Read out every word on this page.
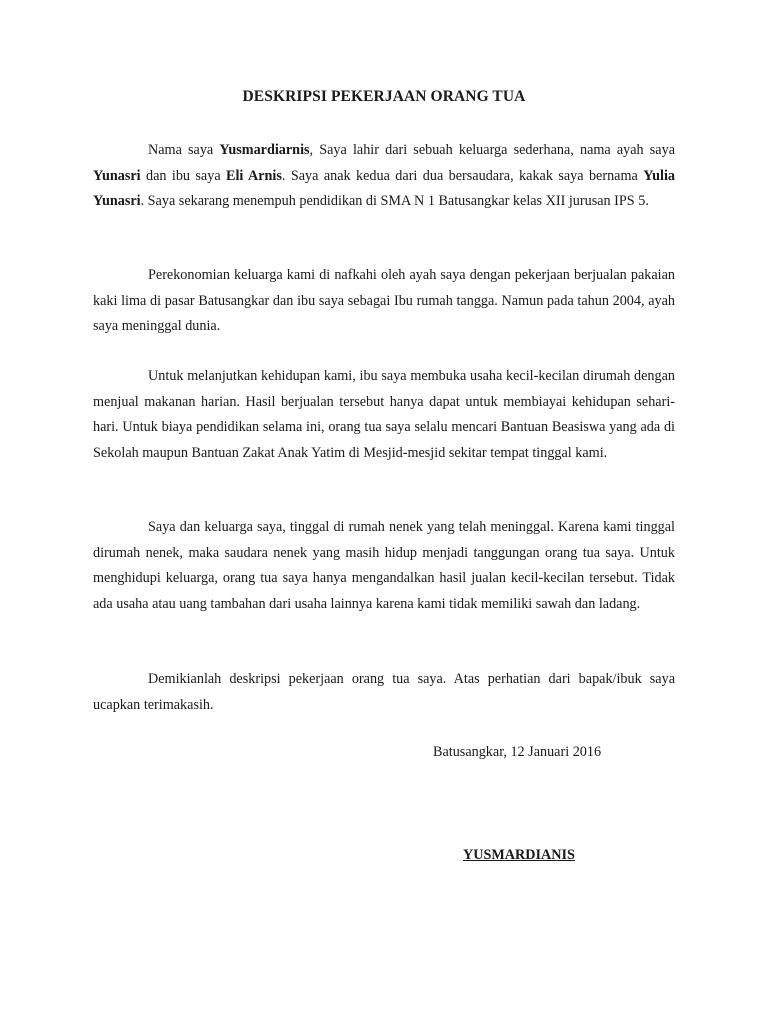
DESKRIPSI PEKERJAAN ORANG TUA

Nama saya Yusmardiarnis, Saya lahir dari sebuah keluarga sederhana, nama ayah saya Yunasri dan ibu saya Eli Arnis. Saya anak kedua dari dua bersaudara, kakak saya bernama Yulia Yunasri. Saya sekarang menempuh pendidikan di SMA N 1 Batusangkar kelas XII jurusan IPS 5.

Perekonomian keluarga kami di nafkahi oleh ayah saya dengan pekerjaan berjualan pakaian kaki lima di pasar Batusangkar dan ibu saya sebagai Ibu rumah tangga. Namun pada tahun 2004, ayah saya meninggal dunia.

Untuk melanjutkan kehidupan kami, ibu saya membuka usaha kecil-kecilan dirumah dengan menjual makanan harian. Hasil berjualan tersebut hanya dapat untuk membiayai kehidupan sehari-hari. Untuk biaya pendidikan selama ini, orang tua saya selalu mencari Bantuan Beasiswa yang ada di Sekolah maupun Bantuan Zakat Anak Yatim di Mesjid-mesjid sekitar tempat tinggal kami.

Saya dan keluarga saya, tinggal di rumah nenek yang telah meninggal. Karena kami tinggal dirumah nenek, maka saudara nenek yang masih hidup menjadi tanggungan orang tua saya. Untuk menghidupi keluarga, orang tua saya hanya mengandalkan hasil jualan kecil-kecilan tersebut. Tidak ada usaha atau uang tambahan dari usaha lainnya karena kami tidak memiliki sawah dan ladang.

Demikianlah deskripsi pekerjaan orang tua saya. Atas perhatian dari bapak/ibuk saya ucapkan terimakasih.

Batusangkar, 12 Januari 2016
YUSMARDIANIS
